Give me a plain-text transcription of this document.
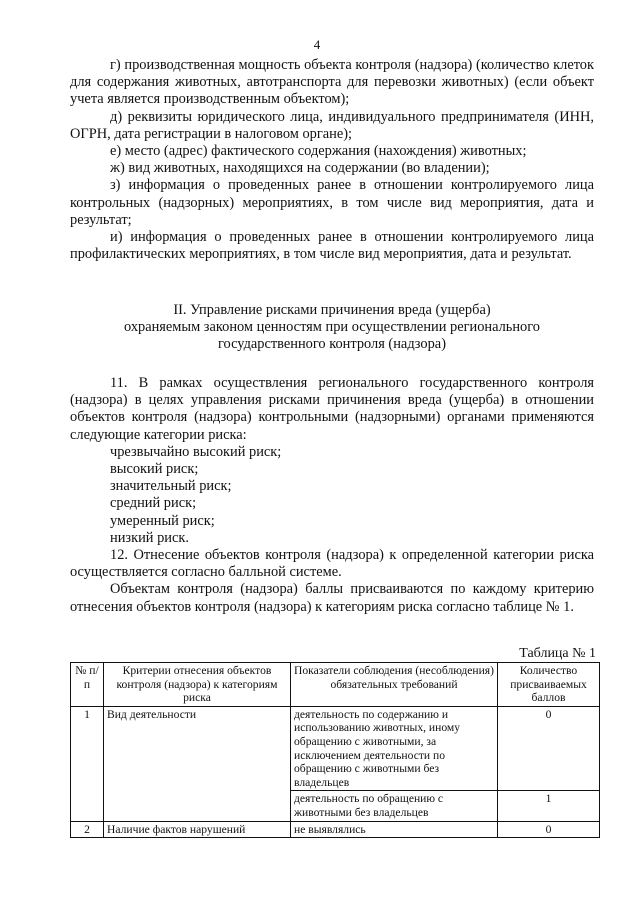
4

г) производственная мощность объекта контроля (надзора) (количество клеток для содержания животных, автотранспорта для перевозки животных) (если объект учета является производственным объектом);

д) реквизиты юридического лица, индивидуального предпринимателя (ИНН, ОГРН, дата регистрации в налоговом органе);

е) место (адрес) фактического содержания (нахождения) животных;

ж) вид животных, находящихся на содержании (во владении);

з) информация о проведенных ранее в отношении контролируемого лица контрольных (надзорных) мероприятиях, в том числе вид мероприятия, дата и результат;

и) информация о проведенных ранее в отношении контролируемого лица профилактических мероприятиях, в том числе вид мероприятия, дата и результат.

II. Управление рисками причинения вреда (ущерба)
охраняемым законом ценностям при осуществлении регионального
государственного контроля (надзора)

11. В рамках осуществления регионального государственного контроля (надзора) в целях управления рисками причинения вреда (ущерба) в отношении объектов контроля (надзора) контрольными (надзорными) органами применяются следующие категории риска:

чрезвычайно высокий риск;

высокий риск;

значительный риск;

средний риск;

умеренный риск;

низкий риск.

12. Отнесение объектов контроля (надзора) к определенной категории риска осуществляется согласно балльной системе.

Объектам контроля (надзора) баллы присваиваются по каждому критерию отнесения объектов контроля (надзора) к категориям риска согласно таблице № 1.

Таблица № 1
№ п/п	Критерии отнесения объектов контроля (надзора) к категориям риска	Показатели соблюдения (несоблюдения) обязательных требований	Количество присваиваемых баллов
1	Вид деятельности	деятельность по содержанию и использованию животных, иному обращению с животными, за исключением деятельности по обращению с животными без владельцев	0
		деятельность по обращению с животными без владельцев	1
2	Наличие фактов нарушений	не выявлялись	0
